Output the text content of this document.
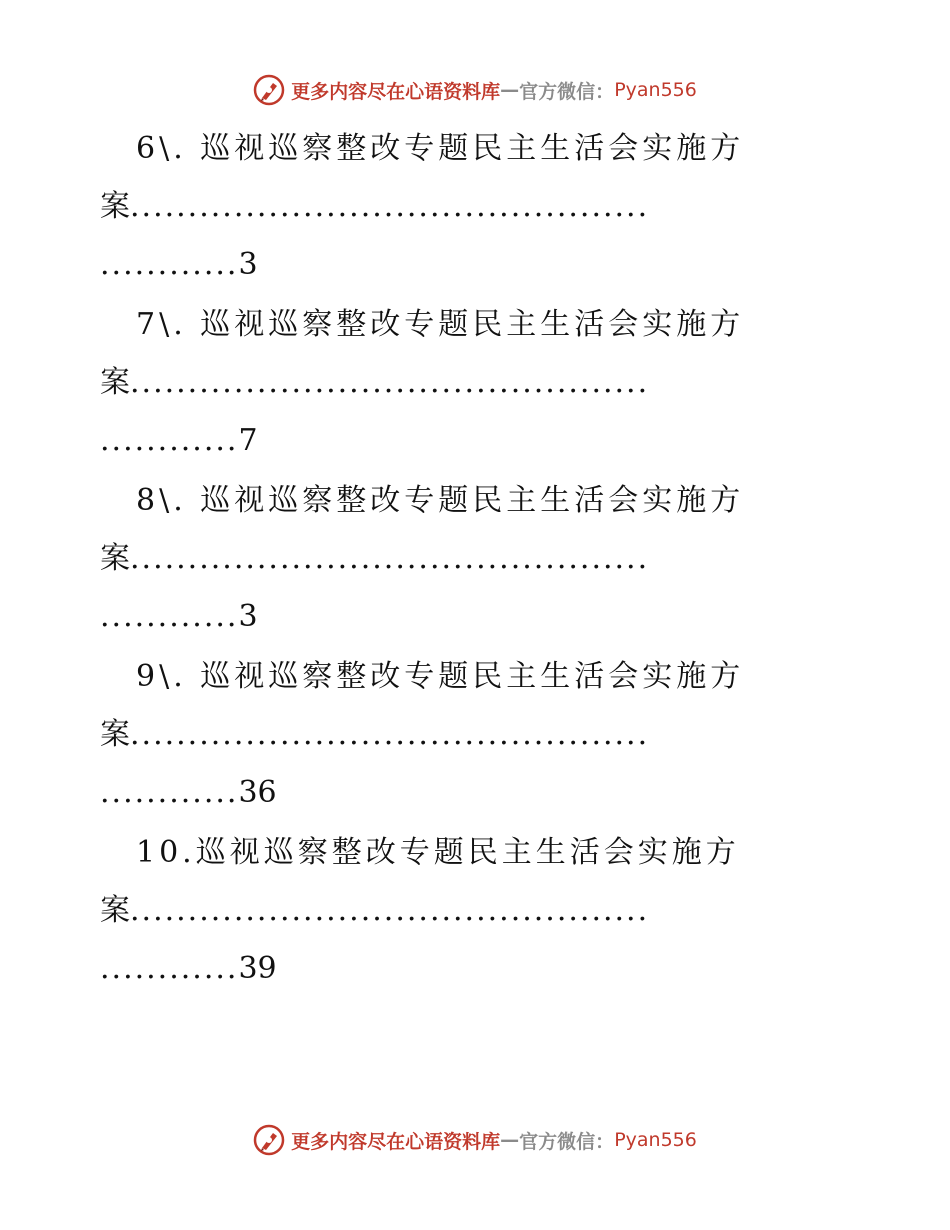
更多内容尽在心语资料库 — 官方微信： Pyan556
6\. 巡视巡察整改专题民主生活会实施方
案.............................................
............3
7\. 巡视巡察整改专题民主生活会实施方
案.............................................
............7
8\. 巡视巡察整改专题民主生活会实施方
案.............................................
............3
9\. 巡视巡察整改专题民主生活会实施方
案.............................................
............36
10.巡视巡察整改专题民主生活会实施方
案.............................................
............39
更多内容尽在心语资料库 — 官方微信： Pyan556
